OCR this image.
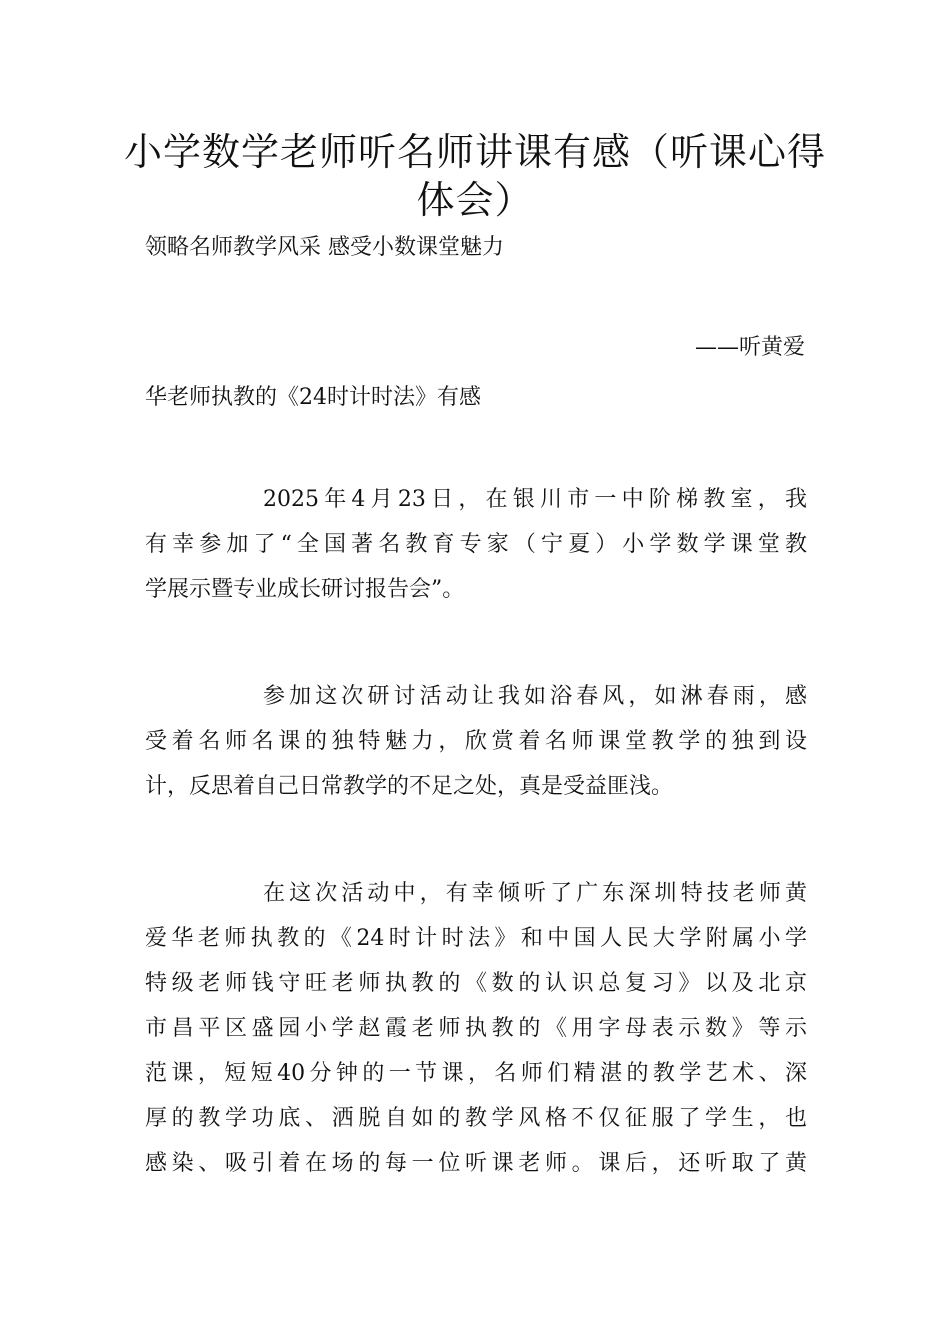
小学数学老师听名师讲课有感（听课心得体会）
领略名师教学风采 感受小数课堂魅力
——听黄爱
华老师执教的《24时计时法》有感
2025年4月23日，在银川市一中阶梯教室，我
有幸参加了“全国著名教育专家（宁夏）小学数学课堂教
学展示暨专业成长研讨报告会”。
参加这次研讨活动让我如浴春风，如淋春雨，感
受着名师名课的独特魅力，欣赏着名师课堂教学的独到设
计，反思着自己日常教学的不足之处，真是受益匪浅。
在这次活动中，有幸倾听了广东深圳特技老师黄
爱华老师执教的《24时计时法》和中国人民大学附属小学
特级老师钱守旺老师执教的《数的认识总复习》以及北京
市昌平区盛园小学赵霞老师执教的《用字母表示数》等示
范课，短短40分钟的一节课，名师们精湛的教学艺术、深
厚的教学功底、洒脱自如的教学风格不仅征服了学生，也
感染、吸引着在场的每一位听课老师。课后，还听取了黄
